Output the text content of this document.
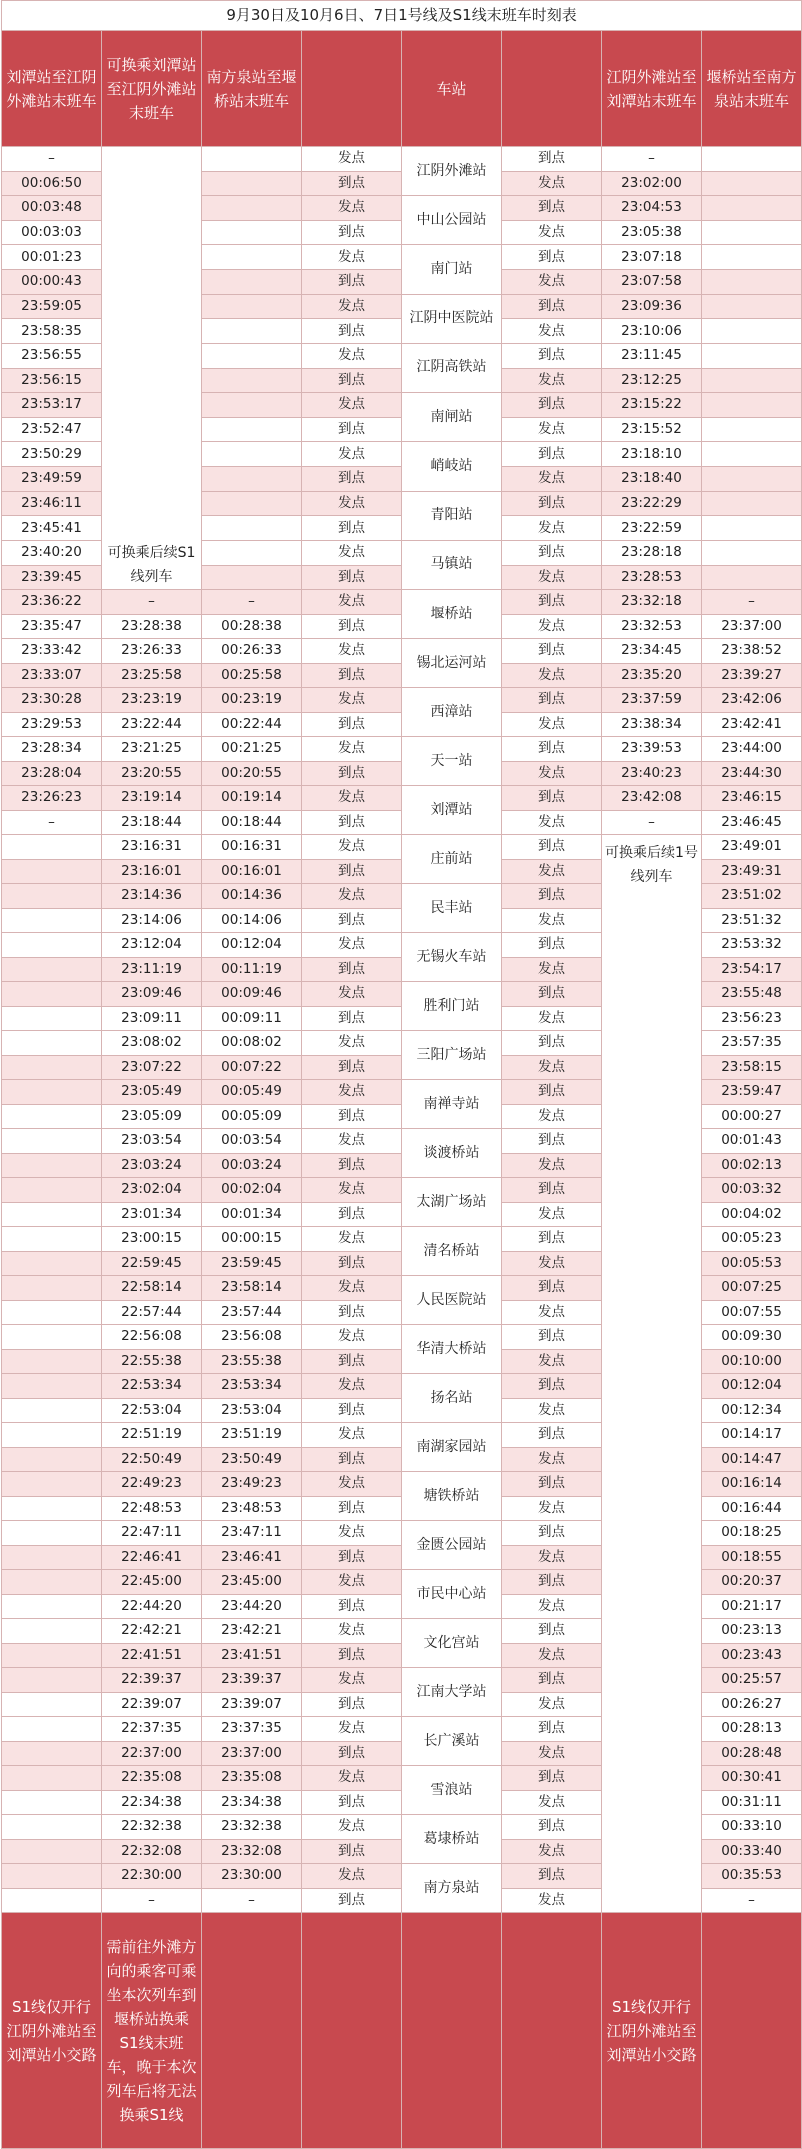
9月30日及10月6日、7日1号线及S1线末班车时刻表							
刘潭站至江阴外滩站末班车	可换乘刘潭站至江阴外滩站末班车	南方泉站至堰桥站末班车		车站		江阴外滩站至刘潭站末班车	堰桥站至南方泉站末班车
–	可换乘后续S1线列车		发点	江阴外滩站	到点	–	
00:06:50			到点		发点	23:02:00	
00:03:48			发点	中山公园站	到点	23:04:53	
00:03:03			到点		发点	23:05:38	
00:01:23			发点	南门站	到点	23:07:18	
00:00:43			到点		发点	23:07:58	
23:59:05			发点	江阴中医院站	到点	23:09:36	
23:58:35			到点		发点	23:10:06	
23:56:55			发点	江阴高铁站	到点	23:11:45	
23:56:15			到点		发点	23:12:25	
23:53:17			发点	南闸站	到点	23:15:22	
23:52:47			到点		发点	23:15:52	
23:50:29			发点	峭岐站	到点	23:18:10	
23:49:59			到点		发点	23:18:40	
23:46:11			发点	青阳站	到点	23:22:29	
23:45:41			到点		发点	23:22:59	
23:40:20			发点	马镇站	到点	23:28:18	
23:39:45			到点		发点	23:28:53	
23:36:22	–	–	发点	堰桥站	到点	23:32:18	–
23:35:47	23:28:38	00:28:38	到点		发点	23:32:53	23:37:00
23:33:42	23:26:33	00:26:33	发点	锡北运河站	到点	23:34:45	23:38:52
23:33:07	23:25:58	00:25:58	到点		发点	23:35:20	23:39:27
23:30:28	23:23:19	00:23:19	发点	西漳站	到点	23:37:59	23:42:06
23:29:53	23:22:44	00:22:44	到点		发点	23:38:34	23:42:41
23:28:34	23:21:25	00:21:25	发点	天一站	到点	23:39:53	23:44:00
23:28:04	23:20:55	00:20:55	到点		发点	23:40:23	23:44:30
23:26:23	23:19:14	00:19:14	发点	刘潭站	到点	23:42:08	23:46:15
–	23:18:44	00:18:44	到点		发点	–	23:46:45
	23:16:31	00:16:31	发点	庄前站	到点	可换乘后续1号线列车	23:49:01
	23:16:01	00:16:01	到点		发点		23:49:31
	23:14:36	00:14:36	发点	民丰站	到点		23:51:02
	23:14:06	00:14:06	到点		发点		23:51:32
	23:12:04	00:12:04	发点	无锡火车站	到点		23:53:32
	23:11:19	00:11:19	到点		发点		23:54:17
	23:09:46	00:09:46	发点	胜利门站	到点		23:55:48
	23:09:11	00:09:11	到点		发点		23:56:23
	23:08:02	00:08:02	发点	三阳广场站	到点		23:57:35
	23:07:22	00:07:22	到点		发点		23:58:15
	23:05:49	00:05:49	发点	南禅寺站	到点		23:59:47
	23:05:09	00:05:09	到点		发点		00:00:27
	23:03:54	00:03:54	发点	谈渡桥站	到点		00:01:43
	23:03:24	00:03:24	到点		发点		00:02:13
	23:02:04	00:02:04	发点	太湖广场站	到点		00:03:32
	23:01:34	00:01:34	到点		发点		00:04:02
	23:00:15	00:00:15	发点	清名桥站	到点		00:05:23
	22:59:45	23:59:45	到点		发点		00:05:53
	22:58:14	23:58:14	发点	人民医院站	到点		00:07:25
	22:57:44	23:57:44	到点		发点		00:07:55
	22:56:08	23:56:08	发点	华清大桥站	到点		00:09:30
	22:55:38	23:55:38	到点		发点		00:10:00
	22:53:34	23:53:34	发点	扬名站	到点		00:12:04
	22:53:04	23:53:04	到点		发点		00:12:34
	22:51:19	23:51:19	发点	南湖家园站	到点		00:14:17
	22:50:49	23:50:49	到点		发点		00:14:47
	22:49:23	23:49:23	发点	塘铁桥站	到点		00:16:14
	22:48:53	23:48:53	到点		发点		00:16:44
	22:47:11	23:47:11	发点	金匮公园站	到点		00:18:25
	22:46:41	23:46:41	到点		发点		00:18:55
	22:45:00	23:45:00	发点	市民中心站	到点		00:20:37
	22:44:20	23:44:20	到点		发点		00:21:17
	22:42:21	23:42:21	发点	文化宫站	到点		00:23:13
	22:41:51	23:41:51	到点		发点		00:23:43
	22:39:37	23:39:37	发点	江南大学站	到点		00:25:57
	22:39:07	23:39:07	到点		发点		00:26:27
	22:37:35	23:37:35	发点	长广溪站	到点		00:28:13
	22:37:00	23:37:00	到点		发点		00:28:48
	22:35:08	23:35:08	发点	雪浪站	到点		00:30:41
	22:34:38	23:34:38	到点		发点		00:31:11
	22:32:38	23:32:38	发点	葛埭桥站	到点		00:33:10
	22:32:08	23:32:08	到点		发点		00:33:40
	22:30:00	23:30:00	发点	南方泉站	到点		00:35:53
	–	–	到点		发点		–
S1线仅开行江阴外滩站至刘潭站小交路	需前往外滩方向的乘客可乘坐本次列车到堰桥站换乘S1线末班车，晚于本次列车后将无法换乘S1线					S1线仅开行江阴外滩站至刘潭站小交路	
